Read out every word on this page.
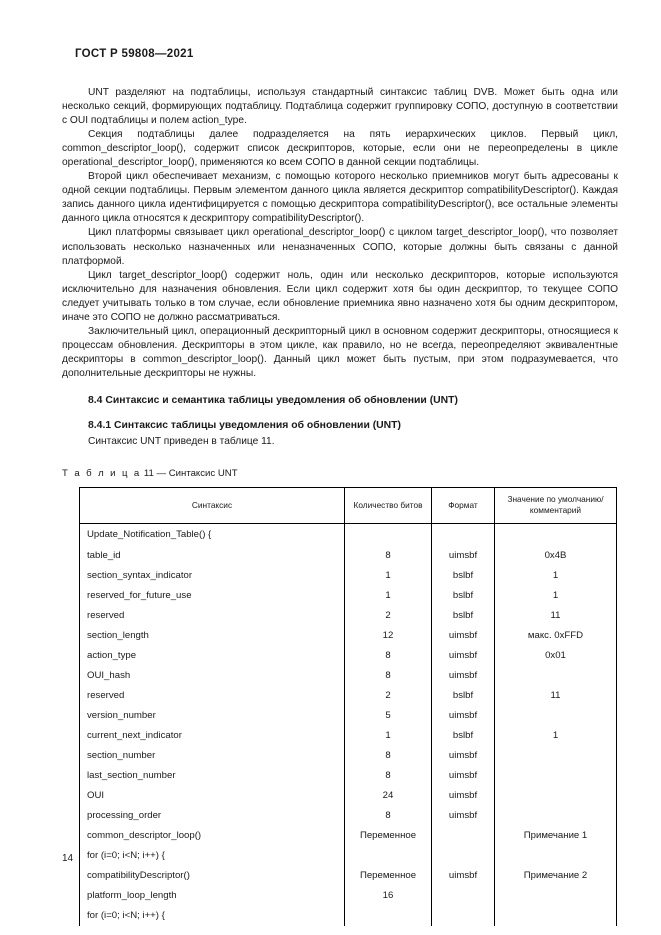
ГОСТ Р 59808—2021

UNT разделяют на подтаблицы, используя стандартный синтаксис таблиц DVB. Может быть одна или несколько секций, формирующих подтаблицу. Подтаблица содержит группировку СОПО, доступную в соответствии с OUI подтаблицы и полем action_type.

Секция подтаблицы далее подразделяется на пять иерархических циклов. Первый цикл, common_descriptor_loop(), содержит список дескрипторов, которые, если они не переопределены в цикле operational_descriptor_loop(), применяются ко всем СОПО в данной секции подтаблицы.

Второй цикл обеспечивает механизм, с помощью которого несколько приемников могут быть адресованы к одной секции подтаблицы. Первым элементом данного цикла является дескриптор compatibilityDescriptor(). Каждая запись данного цикла идентифицируется с помощью дескриптора compatibilityDescriptor(), все остальные элементы данного цикла относятся к дескриптору compatibilityDescriptor().

Цикл платформы связывает цикл operational_descriptor_loop() с циклом target_descriptor_loop(), что позволяет использовать несколько назначенных или неназначенных СОПО, которые должны быть связаны с данной платформой.

Цикл target_descriptor_loop() содержит ноль, один или несколько дескрипторов, которые используются исключительно для назначения обновления. Если цикл содержит хотя бы один дескриптор, то текущее СОПО следует учитывать только в том случае, если обновление приемника явно назначено хотя бы одним дескриптором, иначе это СОПО не должно рассматриваться.

Заключительный цикл, операционный дескрипторный цикл в основном содержит дескрипторы, относящиеся к процессам обновления. Дескрипторы в этом цикле, как правило, но не всегда, переопределяют эквивалентные дескрипторы в common_descriptor_loop(). Данный цикл может быть пустым, при этом подразумевается, что дополнительные дескрипторы не нужны.

8.4 Синтаксис и семантика таблицы уведомления об обновлении (UNT)
8.4.1 Синтаксис таблицы уведомления об обновлении (UNT)
Синтаксис UNT приведен в таблице 11.
Т а б л и ц а 11 — Синтаксис UNT
Синтаксис	Количество битов	Формат	Значение по умолчанию/ комментарий
Update_Notification_Table() {			
table_id	8	uimsbf	0x4B
section_syntax_indicator	1	bslbf	1
reserved_for_future_use	1	bslbf	1
reserved	2	bslbf	11
section_length	12	uimsbf	макс. 0xFFD
action_type	8	uimsbf	0x01
OUI_hash	8	uimsbf	
reserved	2	bslbf	11
version_number	5	uimsbf	
current_next_indicator	1	bslbf	1
section_number	8	uimsbf	
last_section_number	8	uimsbf	
OUI	24	uimsbf	
processing_order	8	uimsbf	
common_descriptor_loop()	Переменное		Примечание 1
for (i=0; i<N; i++) {			
compatibilityDescriptor()	Переменное	uimsbf	Примечание 2
platform_loop_length	16		
for (i=0; i<N; i++) {			
14
